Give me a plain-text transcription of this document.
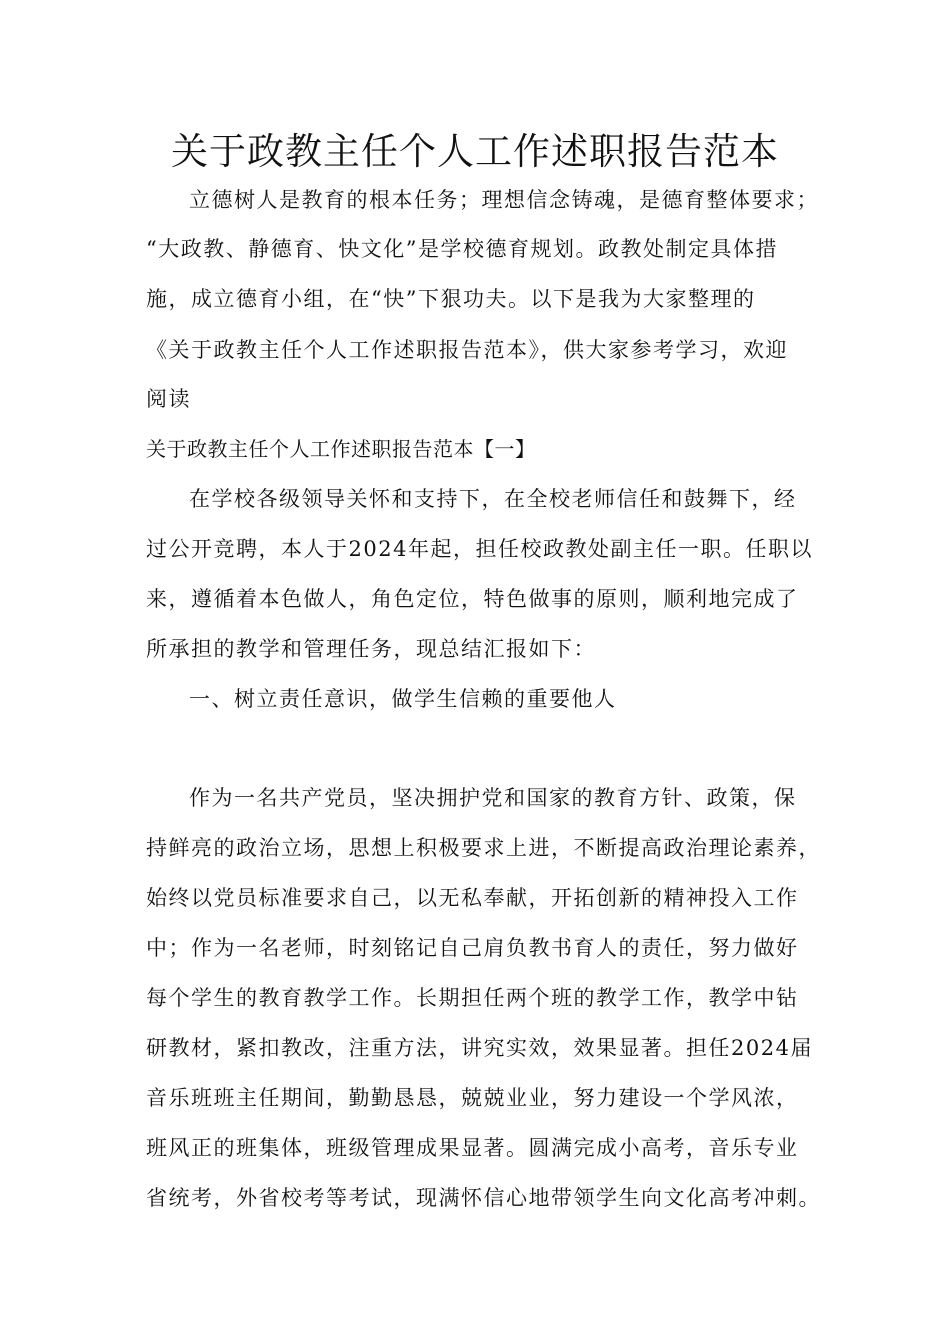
关于政教主任个人工作述职报告范本
立德树人是教育的根本任务；理想信念铸魂，是德育整体要求；
“大政教、静德育、快文化”是学校德育规划。政教处制定具体措
施，成立德育小组，在“快”下狠功夫。以下是我为大家整理的
《关于政教主任个人工作述职报告范本》，供大家参考学习，欢迎
阅读
关于政教主任个人工作述职报告范本【一】
在学校各级领导关怀和支持下，在全校老师信任和鼓舞下，经
过公开竞聘，本人于2024年起，担任校政教处副主任一职。任职以
来，遵循着本色做人，角色定位，特色做事的原则，顺利地完成了
所承担的教学和管理任务，现总结汇报如下：
一、树立责任意识，做学生信赖的重要他人
作为一名共产党员，坚决拥护党和国家的教育方针、政策，保
持鲜亮的政治立场，思想上积极要求上进，不断提高政治理论素养，
始终以党员标准要求自己，以无私奉献，开拓创新的精神投入工作
中；作为一名老师，时刻铭记自己肩负教书育人的责任，努力做好
每个学生的教育教学工作。长期担任两个班的教学工作，教学中钻
研教材，紧扣教改，注重方法，讲究实效，效果显著。担任2024届
音乐班班主任期间，勤勤恳恳，兢兢业业，努力建设一个学风浓，
班风正的班集体，班级管理成果显著。圆满完成小高考，音乐专业
省统考，外省校考等考试，现满怀信心地带领学生向文化高考冲刺。
